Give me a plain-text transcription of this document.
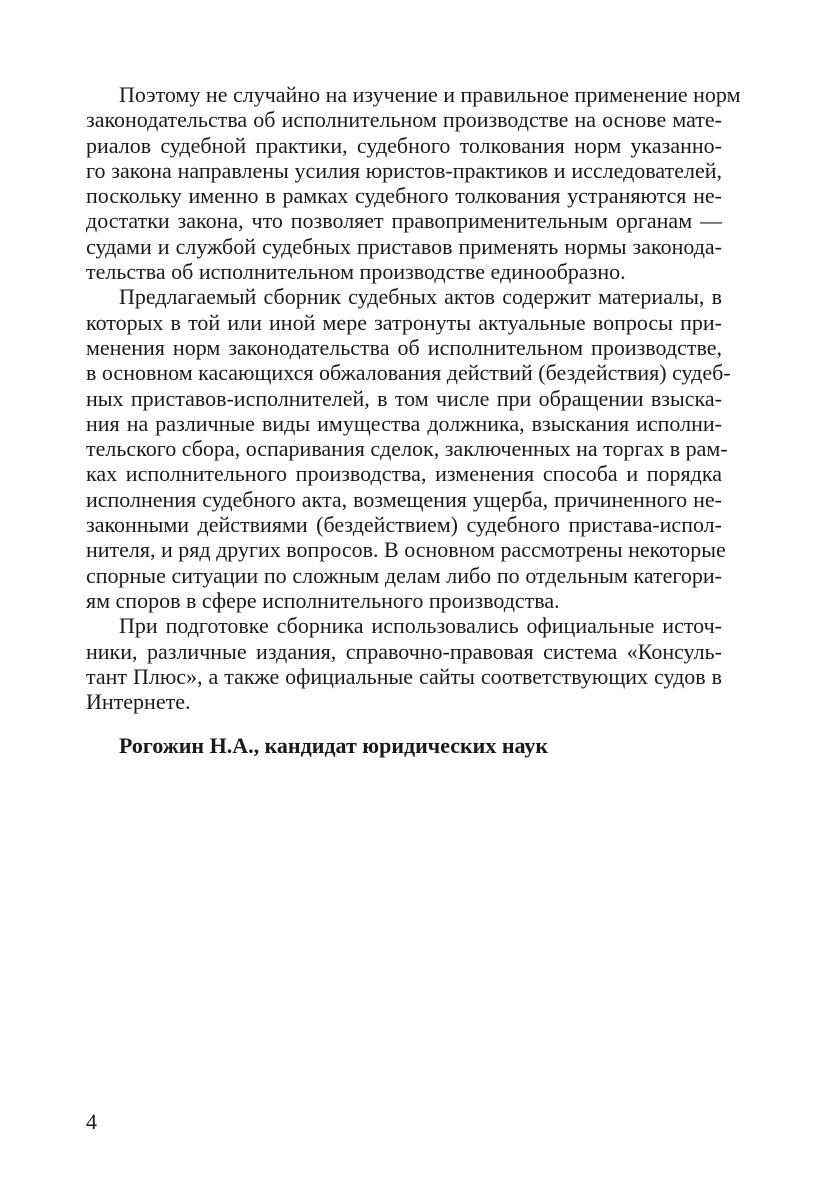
Поэтому не случайно на изучение и правильное применение норм
законодательства об исполнительном производстве на основе мате-
риалов судебной практики, судебного толкования норм указанно-
го закона направлены усилия юристов-практиков и исследователей,
поскольку именно в рамках судебного толкования устраняются не-
достатки закона, что позволяет правоприменительным органам —
судами и службой судебных приставов применять нормы законода-
тельства об исполнительном производстве единообразно.
Предлагаемый сборник судебных актов содержит материалы, в
которых в той или иной мере затронуты актуальные вопросы при-
менения норм законодательства об исполнительном производстве,
в основном касающихся обжалования действий (бездействия) судеб-
ных приставов-исполнителей, в том числе при обращении взыска-
ния на различные виды имущества должника, взыскания исполни-
тельского сбора, оспаривания сделок, заключенных на торгах в рам-
ках исполнительного производства, изменения способа и порядка
исполнения судебного акта, возмещения ущерба, причиненного не-
законными действиями (бездействием) судебного пристава-испол-
нителя, и ряд других вопросов. В основном рассмотрены некоторые
спорные ситуации по сложным делам либо по отдельным категори-
ям споров в сфере исполнительного производства.
При подготовке сборника использовались официальные источ-
ники, различные издания, справочно-правовая система «Консуль-
тант Плюс», а также официальные сайты соответствующих судов в
Интернете.
Рогожин Н.А., кандидат юридических наук
4
